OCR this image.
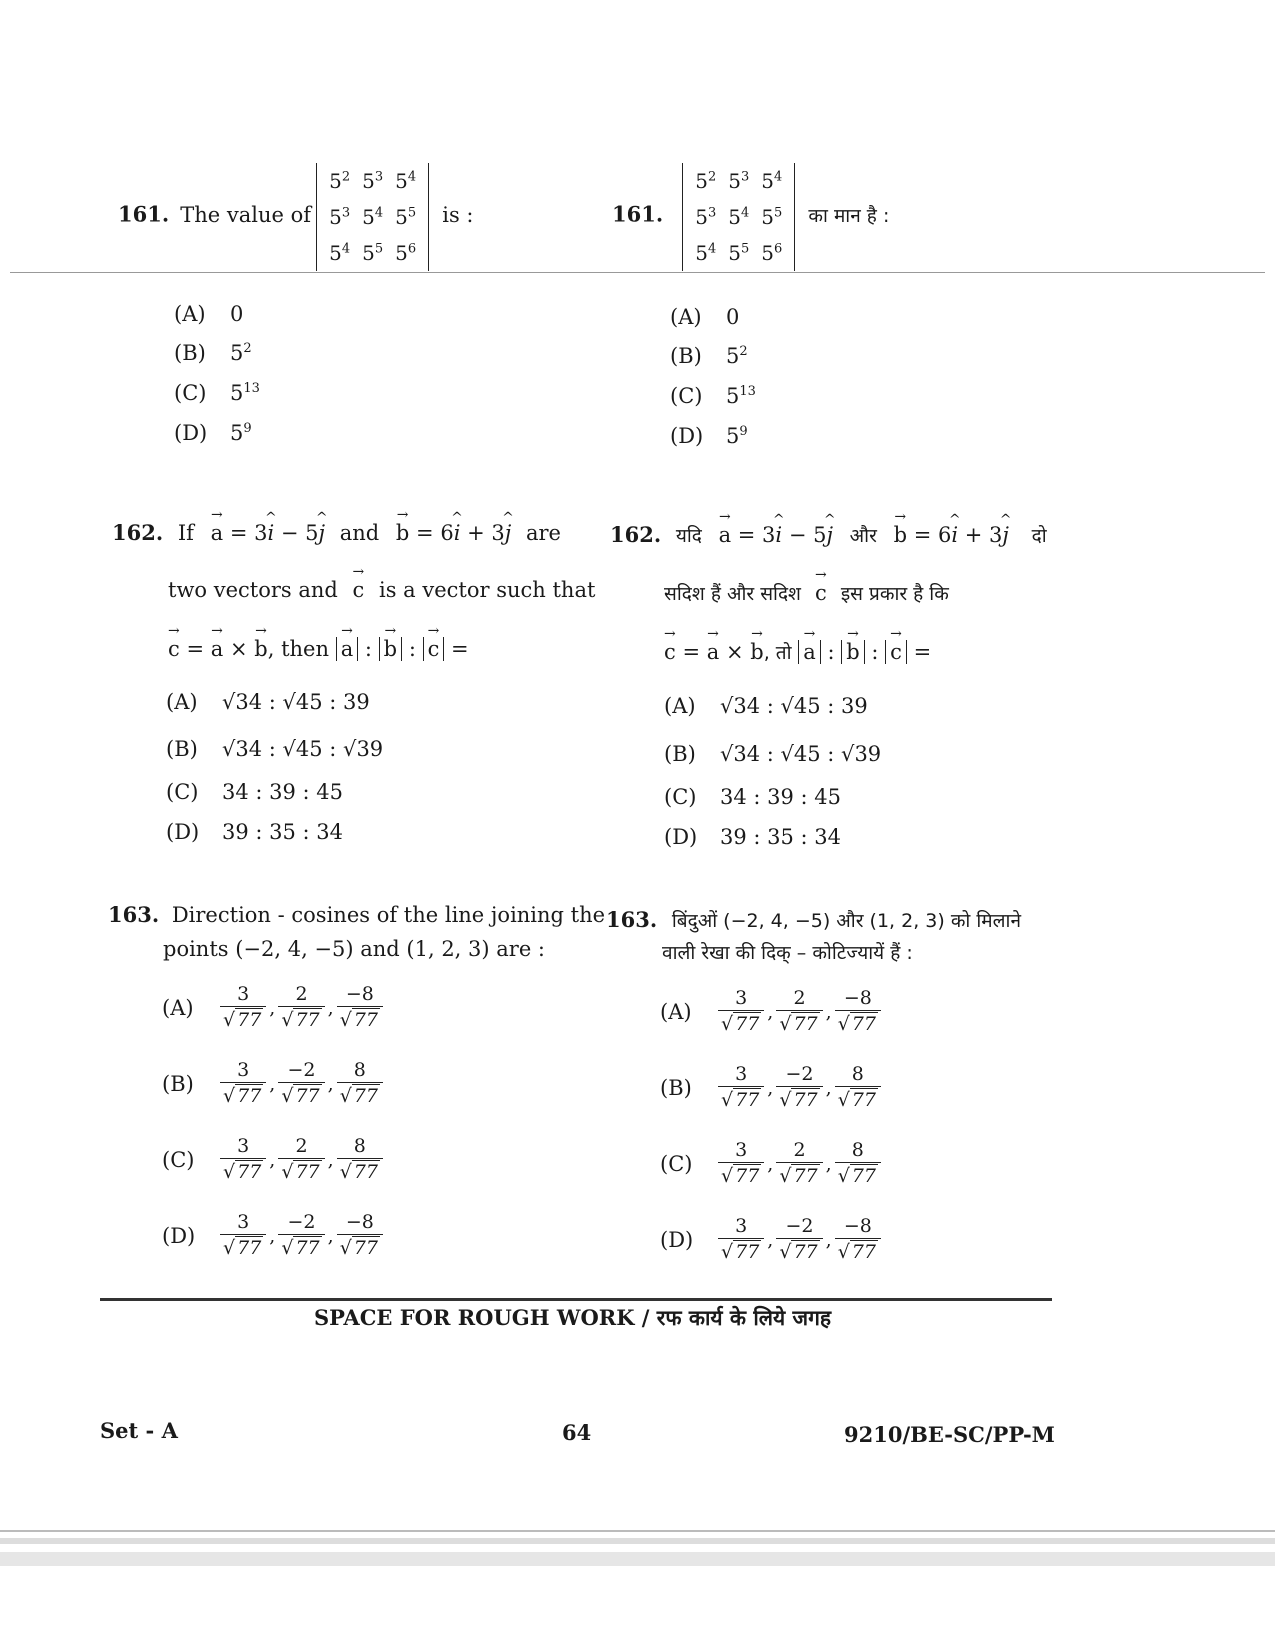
161. The value of
$5^2$	$5^3$	$5^4$
$5^3$	$5^4$	$5^5$
$5^4$	$5^5$	$5^6$
is :	161.
$5^2$	$5^3$	$5^4$
$5^3$	$5^4$	$5^5$
$5^4$	$5^5$	$5^6$
का मान है :
(A) 0
(B) $5^2$
(C) $5^{13}$
(D) $5^9$
(A) 0
(B) $5^2$
(C) $5^{13}$
(D) $5^9$
162. If → a = 3^ i − 5^ j and → b = 6^ i + 3^ j are
two vectors and → c is a vector such that
→ c = → a × → b, then → a : → b : → c =
162. यदि → a = 3^ i − 5^ j और → b = 6^ i + 3^ j दो
सदिश हैं और सदिश → c इस प्रकार है कि
→ c = → a × → b, तो → a : → b : → c =
(A) √34 : √45 : 39
(B) √34 : √45 : √39
(C) 34 : 39 : 45
(D) 39 : 35 : 34
(A) √34 : √45 : 39
(B) √34 : √45 : √39
(C) 34 : 39 : 45
(D) 39 : 35 : 34
163. Direction - cosines of the line joining the
points (−2, 4, −5) and (1, 2, 3) are :
163. बिंदुओं (−2, 4, −5) और (1, 2, 3) को मिलाने
वाली रेखा की दिक् – कोटिज्यायें हैं :
$(A) \frac{3}{√ 77}$ , $\frac{2}{√ 77}$ , $\frac{-8}{√ 77}$
$(B) \frac{3}{√ 77}$ , $\frac{-2}{√ 77}$ , $\frac{8}{√ 77}$
$(C) \frac{3}{√ 77}$ , $\frac{2}{√ 77}$ , $\frac{8}{√ 77}$
$(D) \frac{3}{√ 77}$ , $\frac{-2}{√ 77}$ , $\frac{-8}{√ 77}$
$(A) \frac{3}{√ 77}$ , $\frac{2}{√ 77}$ , $\frac{-8}{√ 77}$
$(B) \frac{3}{√ 77}$ , $\frac{-2}{√ 77}$ , $\frac{8}{√ 77}$
$(C) \frac{3}{√ 77}$ , $\frac{2}{√ 77}$ , $\frac{8}{√ 77}$
$(D) \frac{3}{√ 77}$ , $\frac{-2}{√ 77}$ , $\frac{-8}{√ 77}$
SPACE FOR ROUGH WORK / रफ कार्य के लिये जगह
Set - A	64	9210/BE-SC/PP-M
